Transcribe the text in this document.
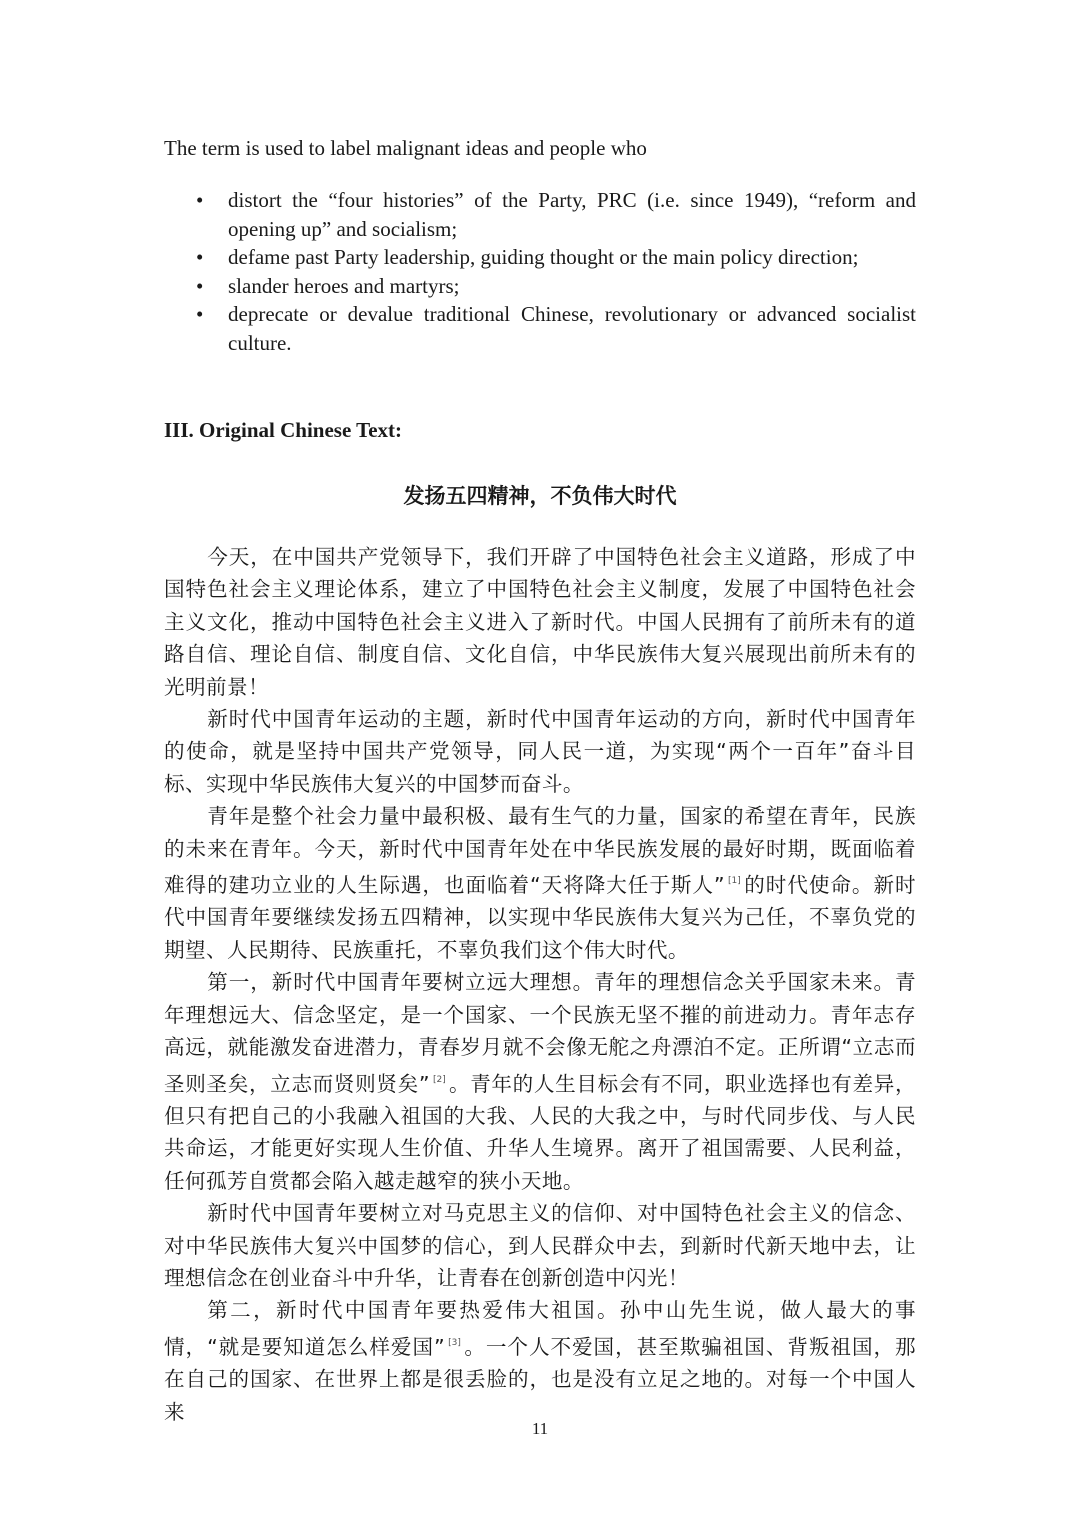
The term is used to label malignant ideas and people who

• distort the “four histories” of the Party, PRC (i.e. since 1949), “reform and opening up” and socialism;
• defame past Party leadership, guiding thought or the main policy direction;
• slander heroes and martyrs;
• deprecate or devalue traditional Chinese, revolutionary or advanced socialist culture.
III. Original Chinese Text:
发扬五四精神，不负伟大时代

今天，在中国共产党领导下，我们开辟了中国特色社会主义道路，形成了中国特色社会主义理论体系，建立了中国特色社会主义制度，发展了中国特色社会主义文化，推动中国特色社会主义进入了新时代。中国人民拥有了前所未有的道路自信、理论自信、制度自信、文化自信，中华民族伟大复兴展现出前所未有的光明前景！

新时代中国青年运动的主题，新时代中国青年运动的方向，新时代中国青年的使命，就是坚持中国共产党领导，同人民一道，为实现“两个一百年”奋斗目标、实现中华民族伟大复兴的中国梦而奋斗。

青年是整个社会力量中最积极、最有生气的力量，国家的希望在青年，民族的未来在青年。今天，新时代中国青年处在中华民族发展的最好时期，既面临着难得的建功立业的人生际遇，也面临着“天将降大任于斯人” [1] 的时代使命。新时代中国青年要继续发扬五四精神，以实现中华民族伟大复兴为己任，不辜负党的期望、人民期待、民族重托，不辜负我们这个伟大时代。

第一，新时代中国青年要树立远大理想。青年的理想信念关乎国家未来。青年理想远大、信念坚定，是一个国家、一个民族无坚不摧的前进动力。青年志存高远，就能激发奋进潜力，青春岁月就不会像无舵之舟漂泊不定。正所谓“立志而圣则圣矣，立志而贤则贤矣” [2] 。青年的人生目标会有不同，职业选择也有差异，但只有把自己的小我融入祖国的大我、人民的大我之中，与时代同步伐、与人民共命运，才能更好实现人生价值、升华人生境界。离开了祖国需要、人民利益，任何孤芳自赏都会陷入越走越窄的狭小天地。

新时代中国青年要树立对马克思主义的信仰、对中国特色社会主义的信念、对中华民族伟大复兴中国梦的信心，到人民群众中去，到新时代新天地中去，让理想信念在创业奋斗中升华，让青春在创新创造中闪光！

第二，新时代中国青年要热爱伟大祖国。孙中山先生说，做人最大的事情，“就是要知道怎么样爱国” [3] 。一个人不爱国，甚至欺骗祖国、背叛祖国，那在自己的国家、在世界上都是很丢脸的，也是没有立足之地的。对每一个中国人来

11
